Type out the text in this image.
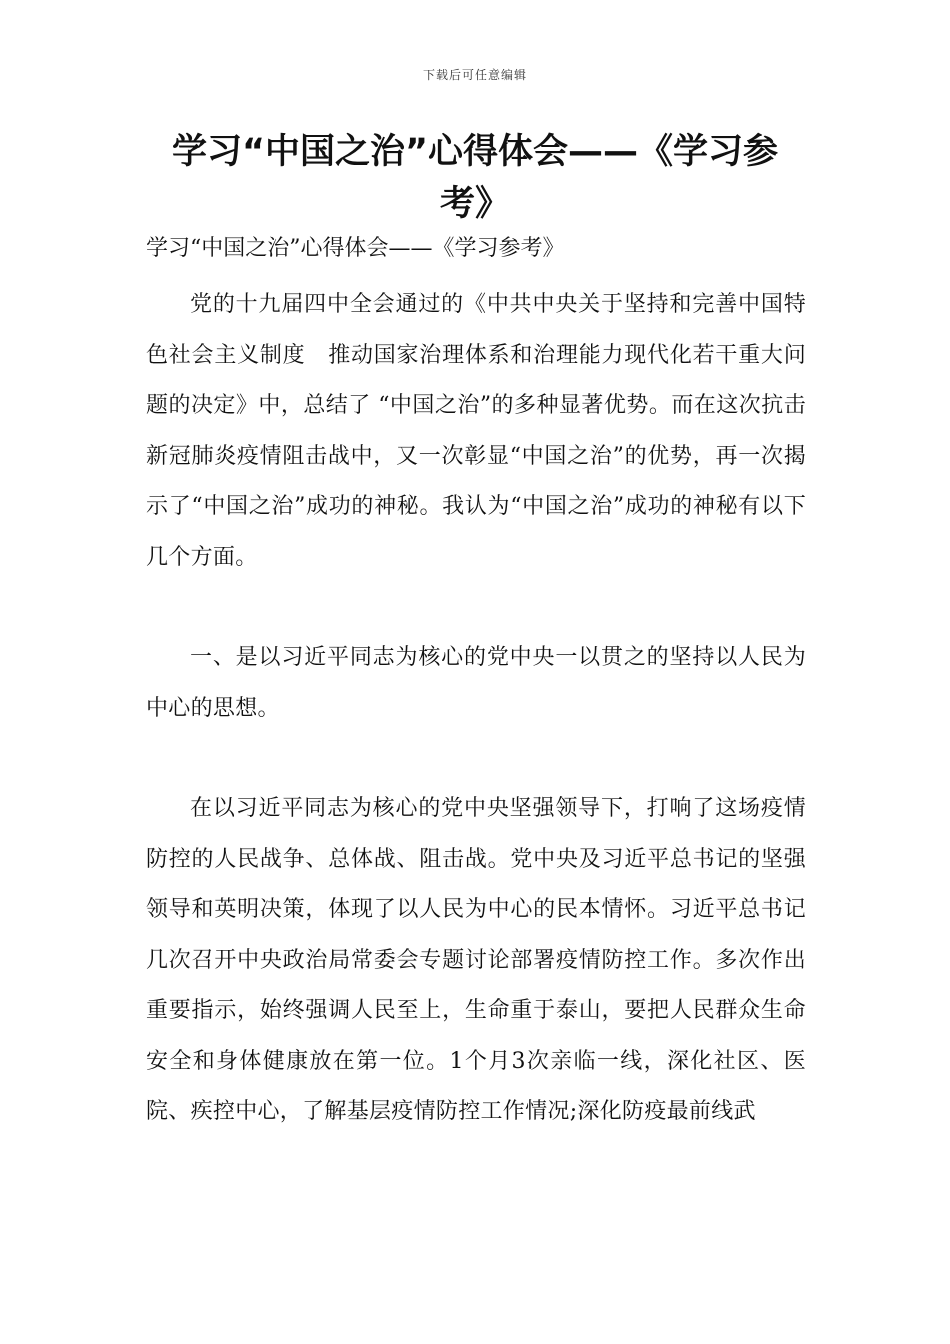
下载后可任意编辑
学习“中国之治”心得体会——《学习参考》

学习“中国之治”心得体会——《学习参考》

党的十九届四中全会通过的《中共中央关于坚持和完善中国特色社会主义制度　推动国家治理体系和治理能力现代化若干重大问题的决定》中，总结了 “中国之治”的多种显著优势。而在这次抗击新冠肺炎疫情阻击战中，又一次彰显“中国之治”的优势，再一次揭示了“中国之治”成功的神秘。我认为“中国之治”成功的神秘有以下几个方面。

一、是以习近平同志为核心的党中央一以贯之的坚持以人民为中心的思想。

在以习近平同志为核心的党中央坚强领导下，打响了这场疫情防控的人民战争、总体战、阻击战。党中央及习近平总书记的坚强领导和英明决策，体现了以人民为中心的民本情怀。习近平总书记几次召开中央政治局常委会专题讨论部署疫情防控工作。多次作出重要指示，始终强调人民至上，生命重于泰山，要把人民群众生命安全和身体健康放在第一位。1个月3次亲临一线，深化社区、医院、疾控中心，了解基层疫情防控工作情况;深化防疫最前线武
